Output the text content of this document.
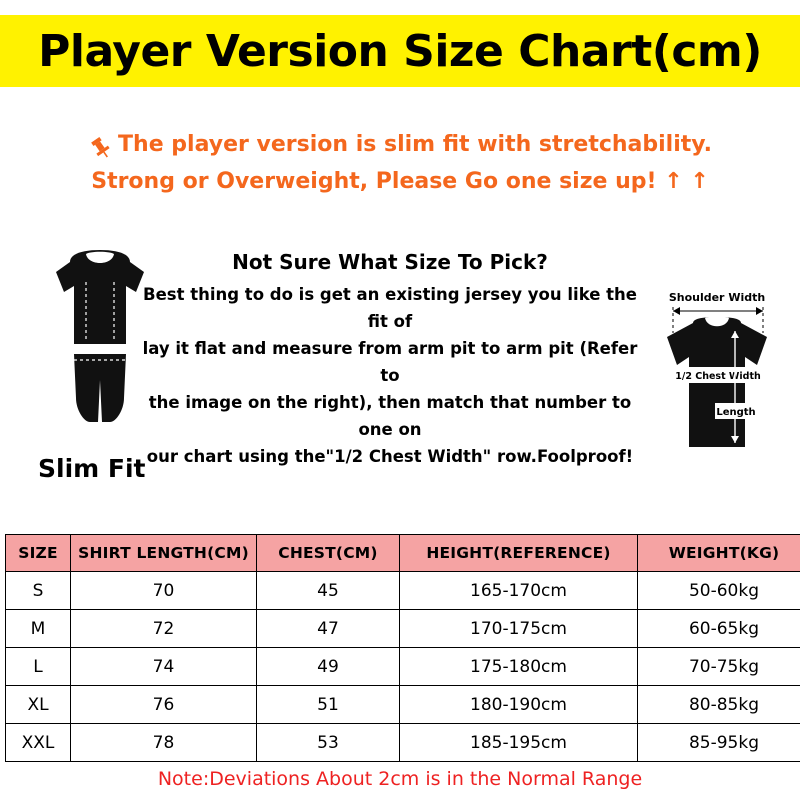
Player Version Size Chart(cm)
The player version is slim fit with stretchability.
Strong or Overweight, Please Go one size up! ↑ ↑
Slim Fit
Not Sure What Size To Pick?
Best thing to do is get an existing jersey you like the fit of
lay it flat and measure from arm pit to arm pit (Refer to
the image on the right), then match that number to one on
our chart using the"1/2 Chest Width" row.Foolproof!
Shoulder Width
1/2 Chest Width
Length
SIZE	SHIRT LENGTH(CM)	CHEST(CM)	HEIGHT(REFERENCE)	WEIGHT(KG)
S	70	45	165-170cm	50-60kg
M	72	47	170-175cm	60-65kg
L	74	49	175-180cm	70-75kg
XL	76	51	180-190cm	80-85kg
XXL	78	53	185-195cm	85-95kg
Note:Deviations About 2cm is in the Normal Range
